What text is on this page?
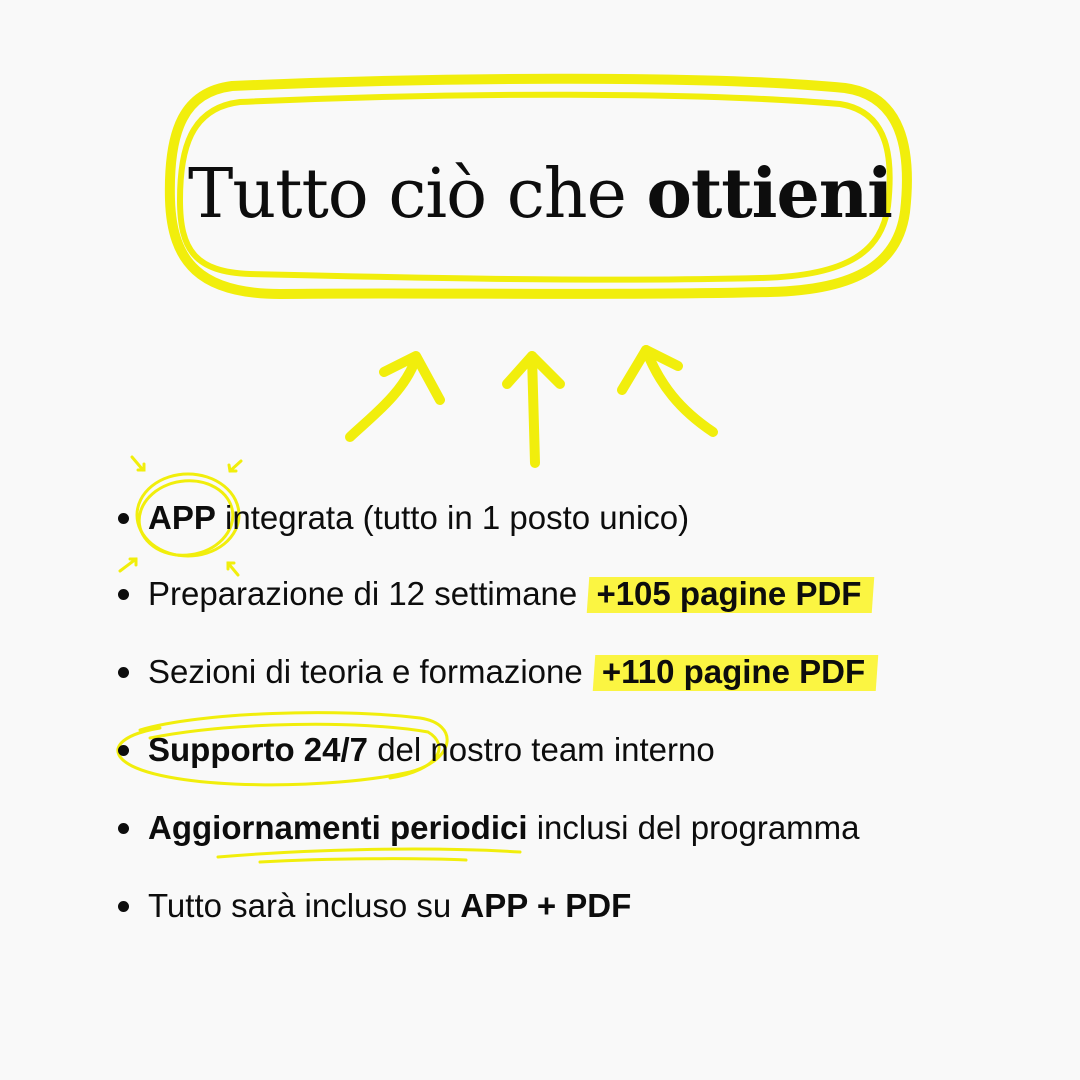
Tutto ciò che ottieni
APP integrata (tutto in 1 posto unico)
Preparazione di 12 settimane +105 pagine PDF
Sezioni di teoria e formazione +110 pagine PDF
Supporto 24/7 del nostro team interno
Aggiornamenti periodici inclusi del programma
Tutto sarà incluso su APP + PDF
